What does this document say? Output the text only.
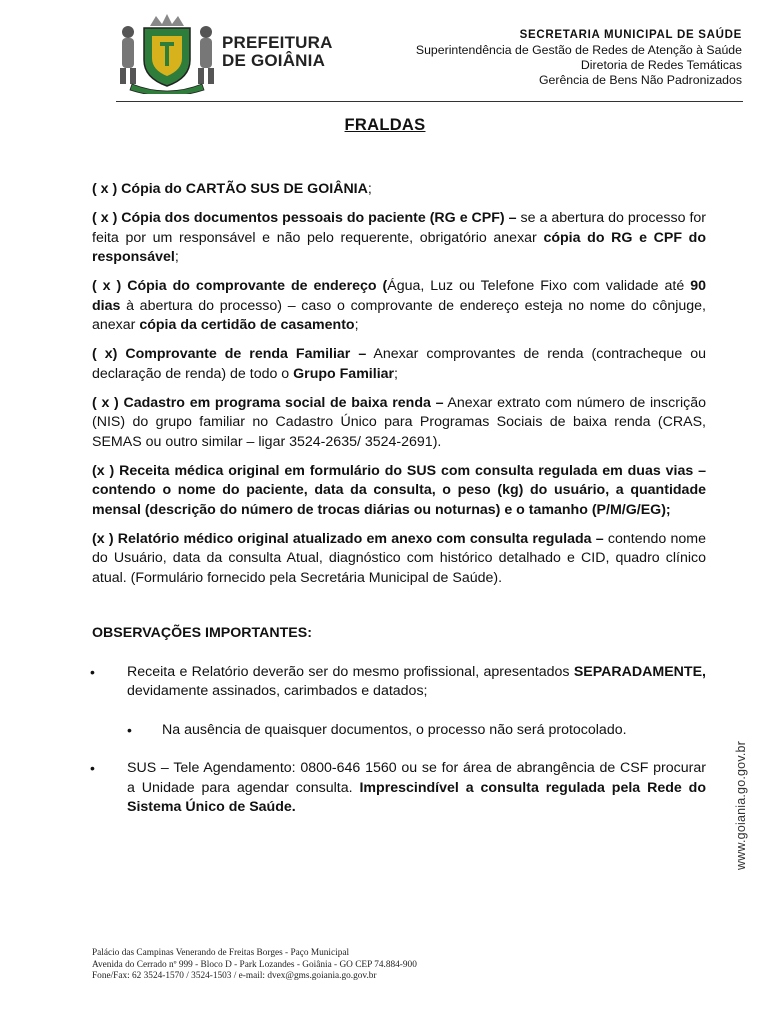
PREFEITURA
DE GOIÂNIA
SECRETARIA MUNICIPAL DE SAÚDE
Superintendência de Gestão de Redes de Atenção à Saúde
Diretoria de Redes Temáticas
Gerência de Bens Não Padronizados
FRALDAS

( x ) Cópia do CARTÃO SUS DE GOIÂNIA;

( x ) Cópia dos documentos pessoais do paciente (RG e CPF) – se a abertura do processo for feita por um responsável e não pelo requerente, obrigatório anexar cópia do RG e CPF do responsável;

( x ) Cópia do comprovante de endereço (Água, Luz ou Telefone Fixo com validade até 90 dias à abertura do processo) – caso o comprovante de endereço esteja no nome do cônjuge, anexar cópia da certidão de casamento;

( x) Comprovante de renda Familiar – Anexar comprovantes de renda (contracheque ou declaração de renda) de todo o Grupo Familiar;

( x ) Cadastro em programa social de baixa renda – Anexar extrato com número de inscrição (NIS) do grupo familiar no Cadastro Único para Programas Sociais de baixa renda (CRAS, SEMAS ou outro similar – ligar 3524-2635/ 3524-2691).

(x ) Receita médica original em formulário do SUS com consulta regulada em duas vias – contendo o nome do paciente, data da consulta, o peso (kg) do usuário, a quantidade mensal (descrição do número de trocas diárias ou noturnas) e o tamanho (P/M/G/EG);

(x ) Relatório médico original atualizado em anexo com consulta regulada – contendo nome do Usuário, data da consulta Atual, diagnóstico com histórico detalhado e CID, quadro clínico atual. (Formulário fornecido pela Secretária Municipal de Saúde).

OBSERVAÇÕES IMPORTANTES:

• Receita e Relatório deverão ser do mesmo profissional, apresentados SEPARADAMENTE, devidamente assinados, carimbados e datados;
• Na ausência de quaisquer documentos, o processo não será protocolado.
• SUS – Tele Agendamento: 0800-646 1560 ou se for área de abrangência de CSF procurar a Unidade para agendar consulta. Imprescindível a consulta regulada pela Rede do Sistema Único de Saúde.	www.goiania.go.gov.br
Palácio das Campinas Venerando de Freitas Borges - Paço Municipal
Avenida do Cerrado nº 999 - Bloco D - Park Lozandes - Goiânia - GO CEP 74.884-900
Fone/Fax: 62 3524-1570 / 3524-1503 / e-mail: dvex@gms.goiania.go.gov.br
